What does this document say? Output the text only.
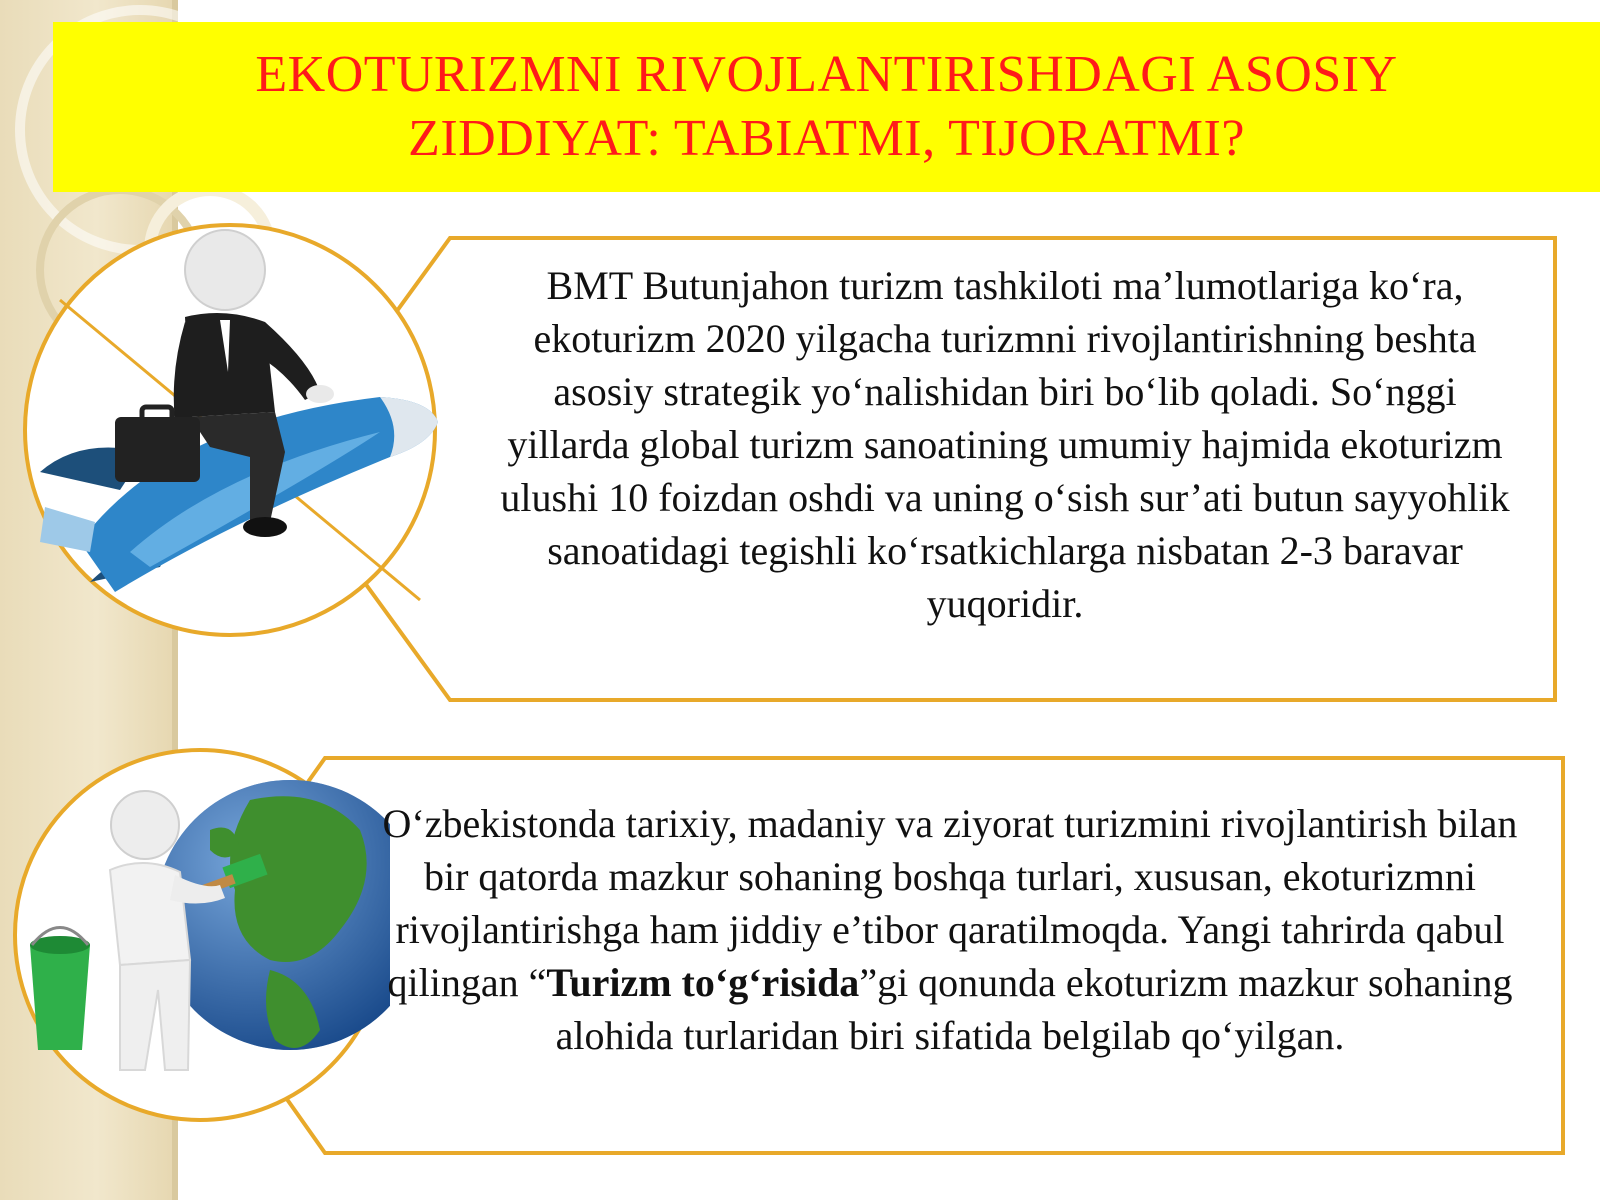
EKOTURIZMNI RIVOJLANTIRISHDAGI ASOSIY
ZIDDIYAT: TABIATMI, TIJORATMI?

BMT Butunjahon turizm tashkiloti ma’lumotlariga ko‘ra, ekoturizm 2020 yilgacha turizmni rivojlantirishning beshta asosiy strategik yo‘nalishidan biri bo‘lib qoladi. So‘nggi yillarda global turizm sanoatining umumiy hajmida ekoturizm ulushi 10 foizdan oshdi va uning o‘sish sur’ati butun sayyohlik sanoatidagi tegishli ko‘rsatkichlarga nisbatan 2-3 baravar yuqoridir.

O‘zbekistonda tarixiy, madaniy va ziyorat turizmini rivojlantirish bilan bir qatorda mazkur sohaning boshqa turlari, xususan, ekoturizmni rivojlantirishga ham jiddiy e’tibor qaratilmoqda. Yangi tahrirda qabul qilingan “Turizm to‘g‘risida”gi qonunda ekoturizm mazkur sohaning alohida turlaridan biri sifatida belgilab qo‘yilgan.
